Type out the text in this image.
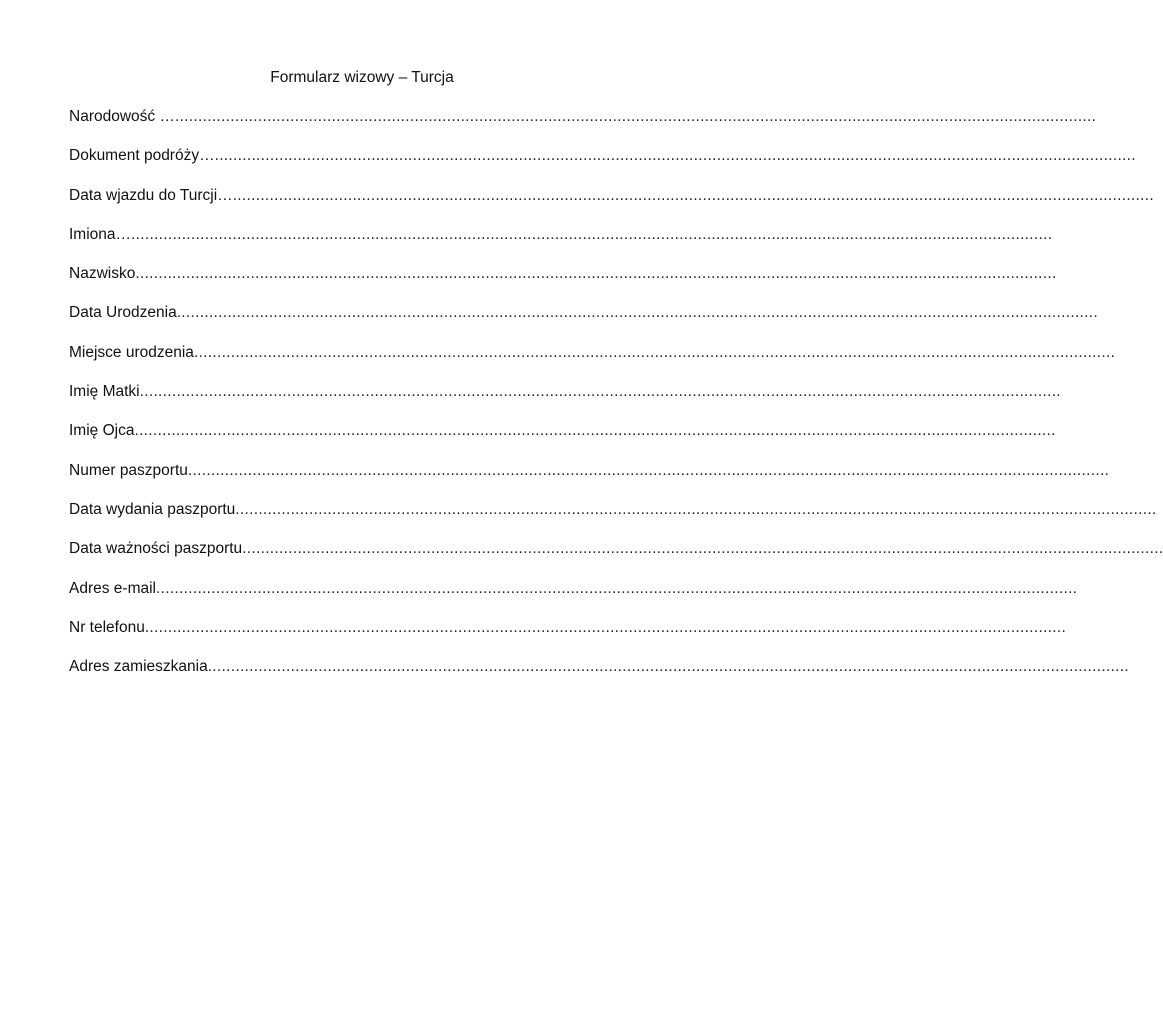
Formularz wizowy – Turcja
Narodowość … ........................................................................................................................................................................................................
Dokument podróży… ........................................................................................................................................................................................................
Data wjazdu do Turcji… ........................................................................................................................................................................................................
Imiona… ........................................................................................................................................................................................................
Nazwisko ........................................................................................................................................................................................................
Data Urodzenia ........................................................................................................................................................................................................
Miejsce urodzenia ........................................................................................................................................................................................................
Imię Matki ........................................................................................................................................................................................................
Imię Ojca ........................................................................................................................................................................................................
Numer paszportu ........................................................................................................................................................................................................
Data wydania paszportu ........................................................................................................................................................................................................
Data ważności paszportu ........................................................................................................................................................................................................
Adres e-mail ........................................................................................................................................................................................................
Nr telefonu ........................................................................................................................................................................................................
Adres zamieszkania ........................................................................................................................................................................................................
